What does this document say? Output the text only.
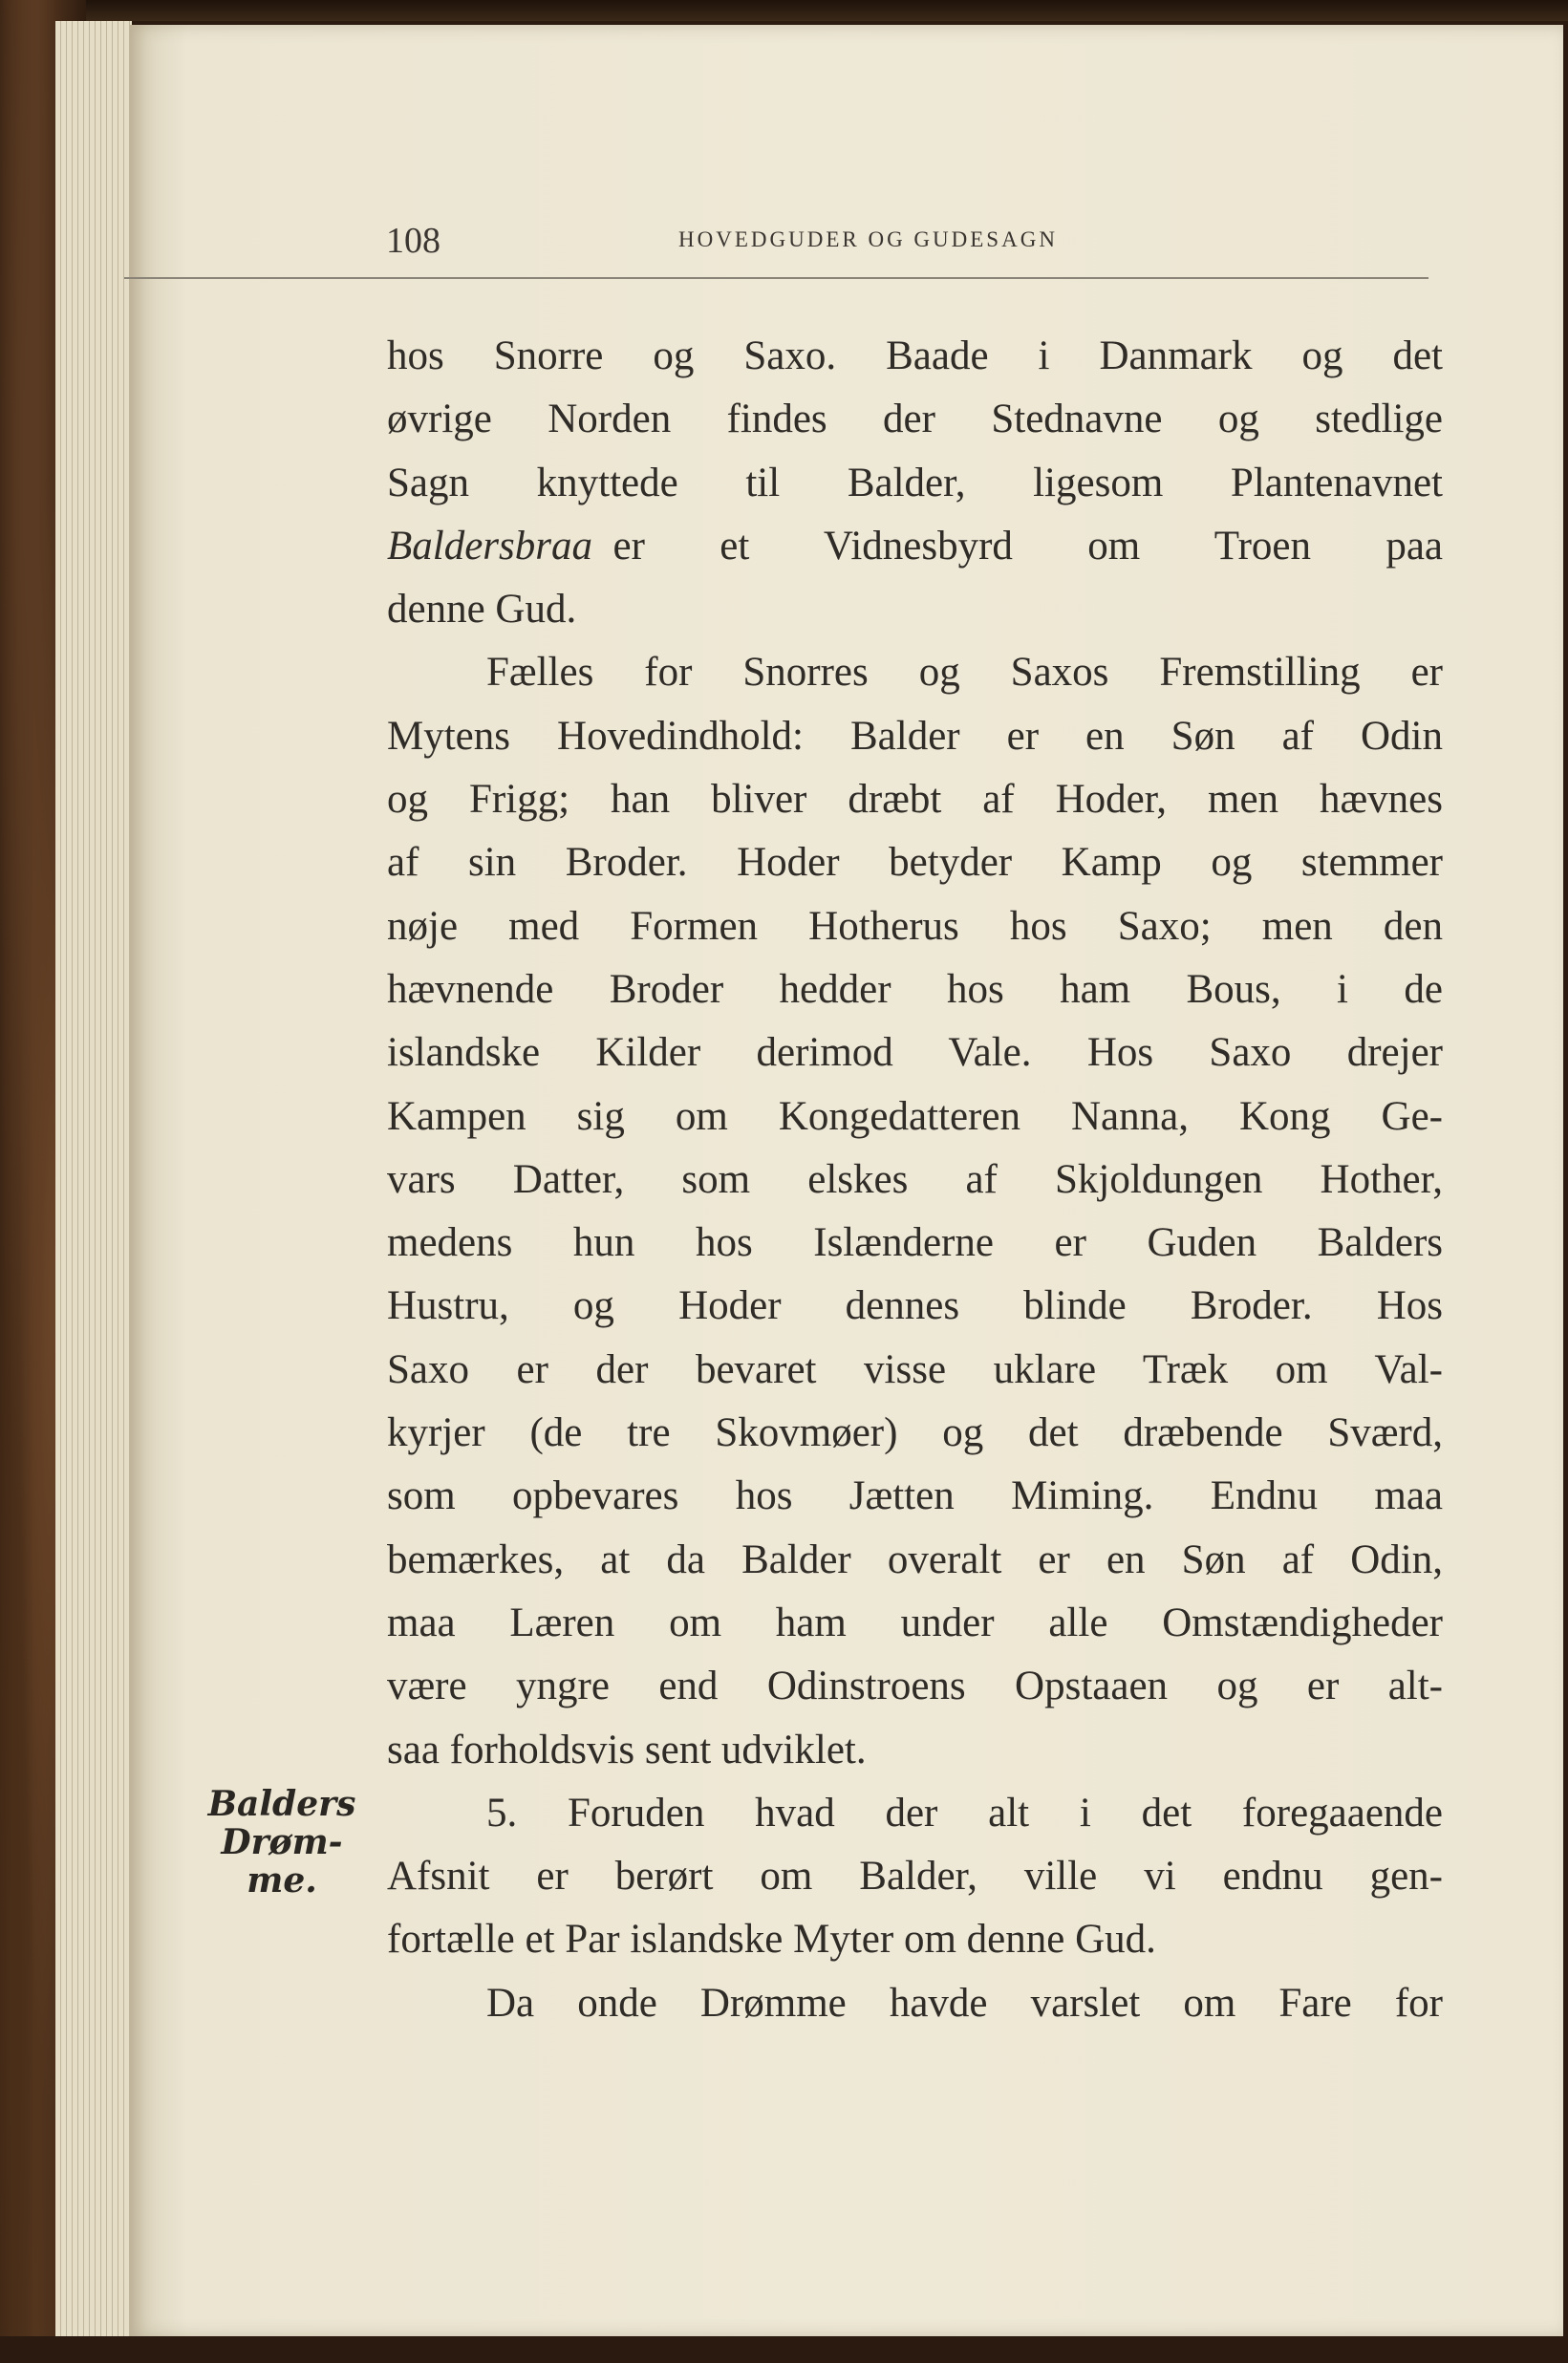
108	HOVEDGUDER OG GUDESAGN
Balders
Drøm-
me.
hos Snorre og Saxo. Baade i Danmark og det
øvrige Norden findes der Stednavne og stedlige
Sagn knyttede til Balder, ligesom Plantenavnet
Baldersbraa er et Vidnesbyrd om Troen paa
denne Gud.
Fælles for Snorres og Saxos Fremstilling er
Mytens Hovedindhold: Balder er en Søn af Odin
og Frigg; han bliver dræbt af Hoder, men hævnes
af sin Broder. Hoder betyder Kamp og stemmer
nøje med Formen Hotherus hos Saxo; men den
hævnende Broder hedder hos ham Bous, i de
islandske Kilder derimod Vale. Hos Saxo drejer
Kampen sig om Kongedatteren Nanna, Kong Ge-
vars Datter, som elskes af Skjoldungen Hother,
medens hun hos Islænderne er Guden Balders
Hustru, og Hoder dennes blinde Broder. Hos
Saxo er der bevaret visse uklare Træk om Val-
kyrjer (de tre Skovmøer) og det dræbende Sværd,
som opbevares hos Jætten Miming. Endnu maa
bemærkes, at da Balder overalt er en Søn af Odin,
maa Læren om ham under alle Omstændigheder
være yngre end Odinstroens Opstaaen og er alt-
saa forholdsvis sent udviklet.
5. Foruden hvad der alt i det foregaaende
Afsnit er berørt om Balder, ville vi endnu gen-
fortælle et Par islandske Myter om denne Gud.
Da onde Drømme havde varslet om Fare for
